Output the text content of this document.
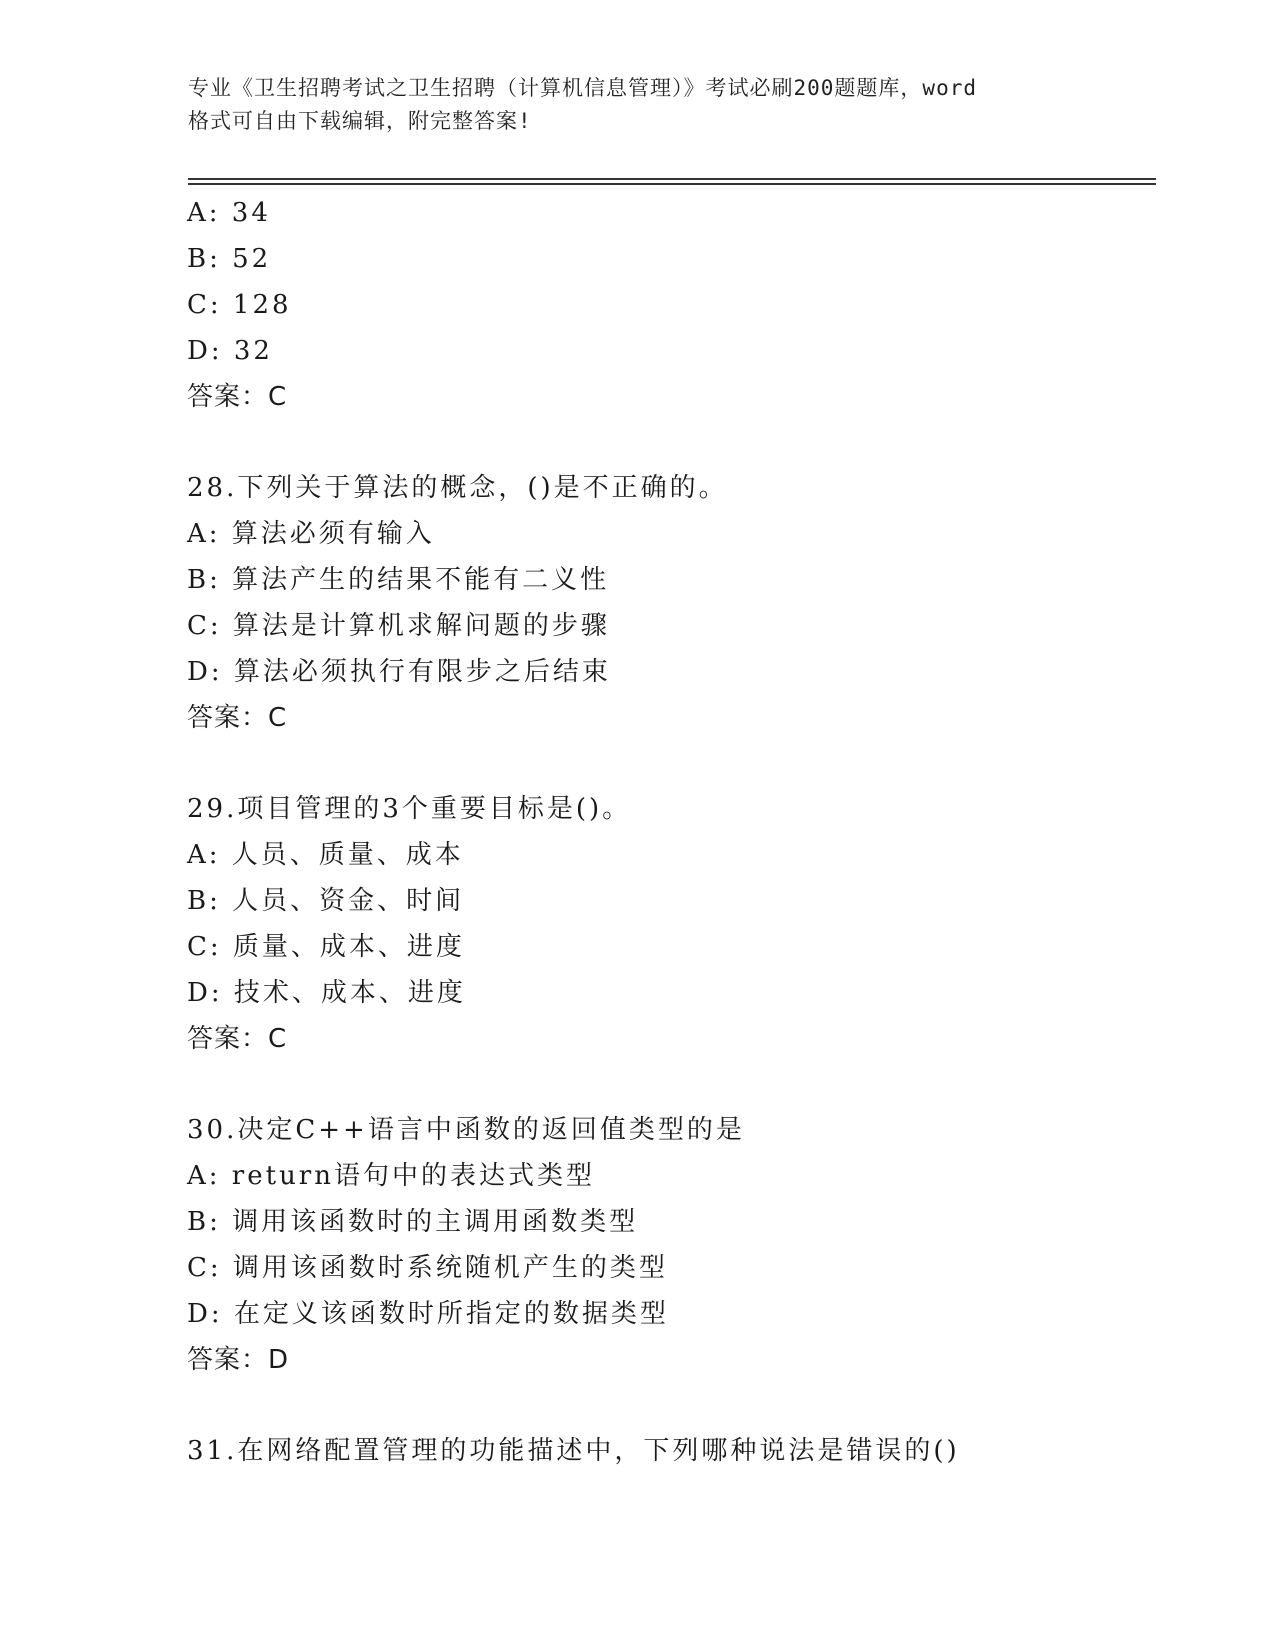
专业《卫生招聘考试之卫生招聘（计算机信息管理）》考试必刷200题题库，word
格式可自由下载编辑，附完整答案!
A: 34
B: 52
C: 128
D: 32
答案：C
28.下列关于算法的概念，()是不正确的。
A: 算法必须有输入
B: 算法产生的结果不能有二义性
C: 算法是计算机求解问题的步骤
D: 算法必须执行有限步之后结束
答案：C
29.项目管理的3个重要目标是()。
A: 人员、质量、成本
B: 人员、资金、时间
C: 质量、成本、进度
D: 技术、成本、进度
答案：C
30.决定C++语言中函数的返回值类型的是
A: return语句中的表达式类型
B: 调用该函数时的主调用函数类型
C: 调用该函数时系统随机产生的类型
D: 在定义该函数时所指定的数据类型
答案：D
31.在网络配置管理的功能描述中，下列哪种说法是错误的()
